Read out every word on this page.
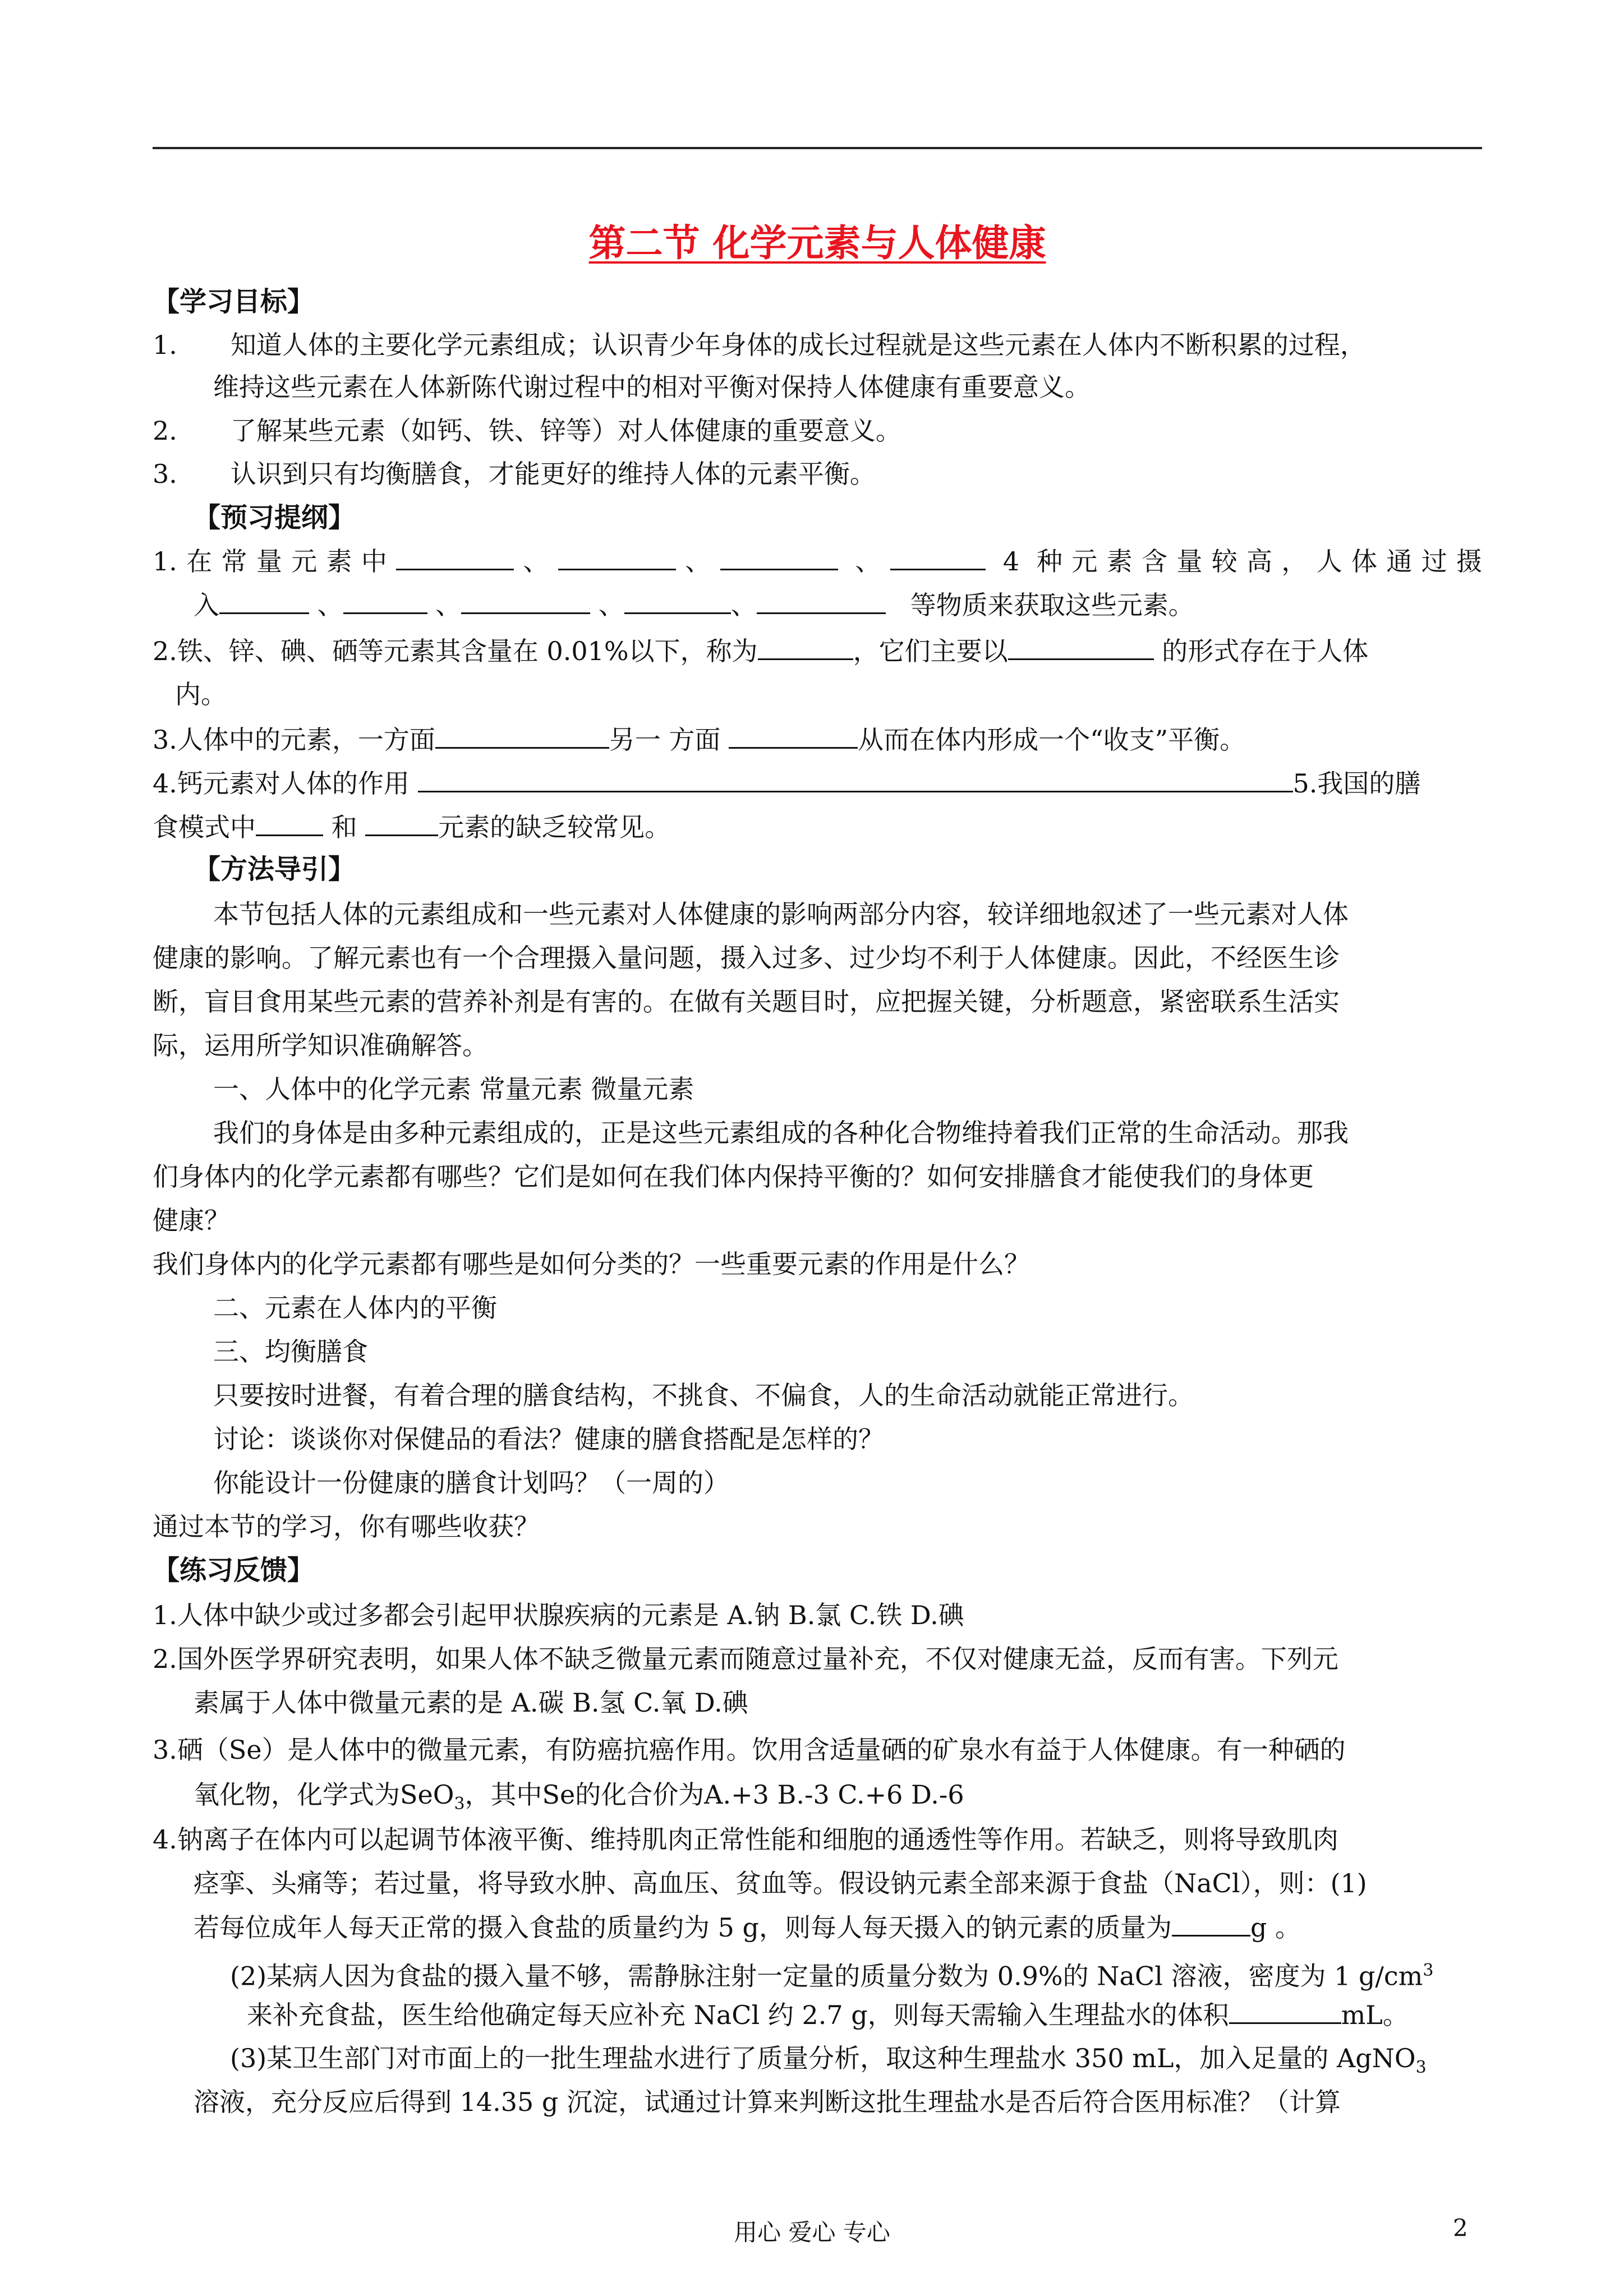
第二节 化学元素与人体健康
【学习目标】
1. 知道人体的主要化学元素组成；认识青少年身体的成长过程就是这些元素在人体内不断积累的过程，
维持这些元素在人体新陈代谢过程中的相对平衡对保持人体健康有重要意义。
2. 了解某些元素（如钙、铁、锌等）对人体健康的重要意义。
3. 认识到只有均衡膳食，才能更好的维持人体的元素平衡。
【预习提纲】
1.在常量元素中	、	、	、	4 种元素含量较高，人体通过摄
入	、	、	、	、	等物质来获取这些元素。
2.铁、锌、碘、硒等元素其含量在 0.01%以下，称为	，它们主要以	的形式存在于人体
内。
3.人体中的元素，一方面	另一 方面	从而在体内形成一个“收支”平衡。
4.钙元素对人体的作用	5.我国的膳
食模式中	和	元素的缺乏较常见。
【方法导引】
本节包括人体的元素组成和一些元素对人体健康的影响两部分内容，较详细地叙述了一些元素对人体
健康的影响。了解元素也有一个合理摄入量问题，摄入过多、过少均不利于人体健康。因此，不经医生诊
断，盲目食用某些元素的营养补剂是有害的。在做有关题目时，应把握关键，分析题意，紧密联系生活实
际，运用所学知识准确解答。
一、人体中的化学元素 常量元素 微量元素
我们的身体是由多种元素组成的，正是这些元素组成的各种化合物维持着我们正常的生命活动。那我
们身体内的化学元素都有哪些？它们是如何在我们体内保持平衡的？如何安排膳食才能使我们的身体更
健康？
我们身体内的化学元素都有哪些是如何分类的？一些重要元素的作用是什么？
二、元素在人体内的平衡
三、均衡膳食
只要按时进餐，有着合理的膳食结构，不挑食、不偏食，人的生命活动就能正常进行。
讨论：谈谈你对保健品的看法？健康的膳食搭配是怎样的？
你能设计一份健康的膳食计划吗？（一周的）
通过本节的学习，你有哪些收获？
【练习反馈】
1.人体中缺少或过多都会引起甲状腺疾病的元素是 A.钠 B.氯 C.铁 D.碘
2.国外医学界研究表明，如果人体不缺乏微量元素而随意过量补充，不仅对健康无益，反而有害。下列元
素属于人体中微量元素的是 A.碳 B.氢 C.氧 D.碘
3.硒（Se）是人体中的微量元素，有防癌抗癌作用。饮用含适量硒的矿泉水有益于人体健康。有一种硒的
氧化物，化学式为SeO$_3$，其中Se的化合价为A.+3 B.-3 C.+6 D.-6
4.钠离子在体内可以起调节体液平衡、维持肌肉正常性能和细胞的通透性等作用。若缺乏，则将导致肌肉
痉挛、头痛等；若过量，将导致水肿、高血压、贫血等。假设钠元素全部来源于食盐（NaCl），则：(1)
若每位成年人每天正常的摄入食盐的质量约为 5 g，则每人每天摄入的钠元素的质量为	g 。
(2)某病人因为食盐的摄入量不够，需静脉注射一定量的质量分数为 0.9%的 NaCl 溶液，密度为 1 $g/cm^3$
来补充食盐，医生给他确定每天应补充 NaCl 约 2.7 g，则每天需输入生理盐水的体积	mL。
(3)某卫生部门对市面上的一批生理盐水进行了质量分析，取这种生理盐水 350 mL，加入足量的 AgNO$_3$
溶液，充分反应后得到 14.35 g 沉淀，试通过计算来判断这批生理盐水是否后符合医用标准？（计算
用心 爱心 专心	2
